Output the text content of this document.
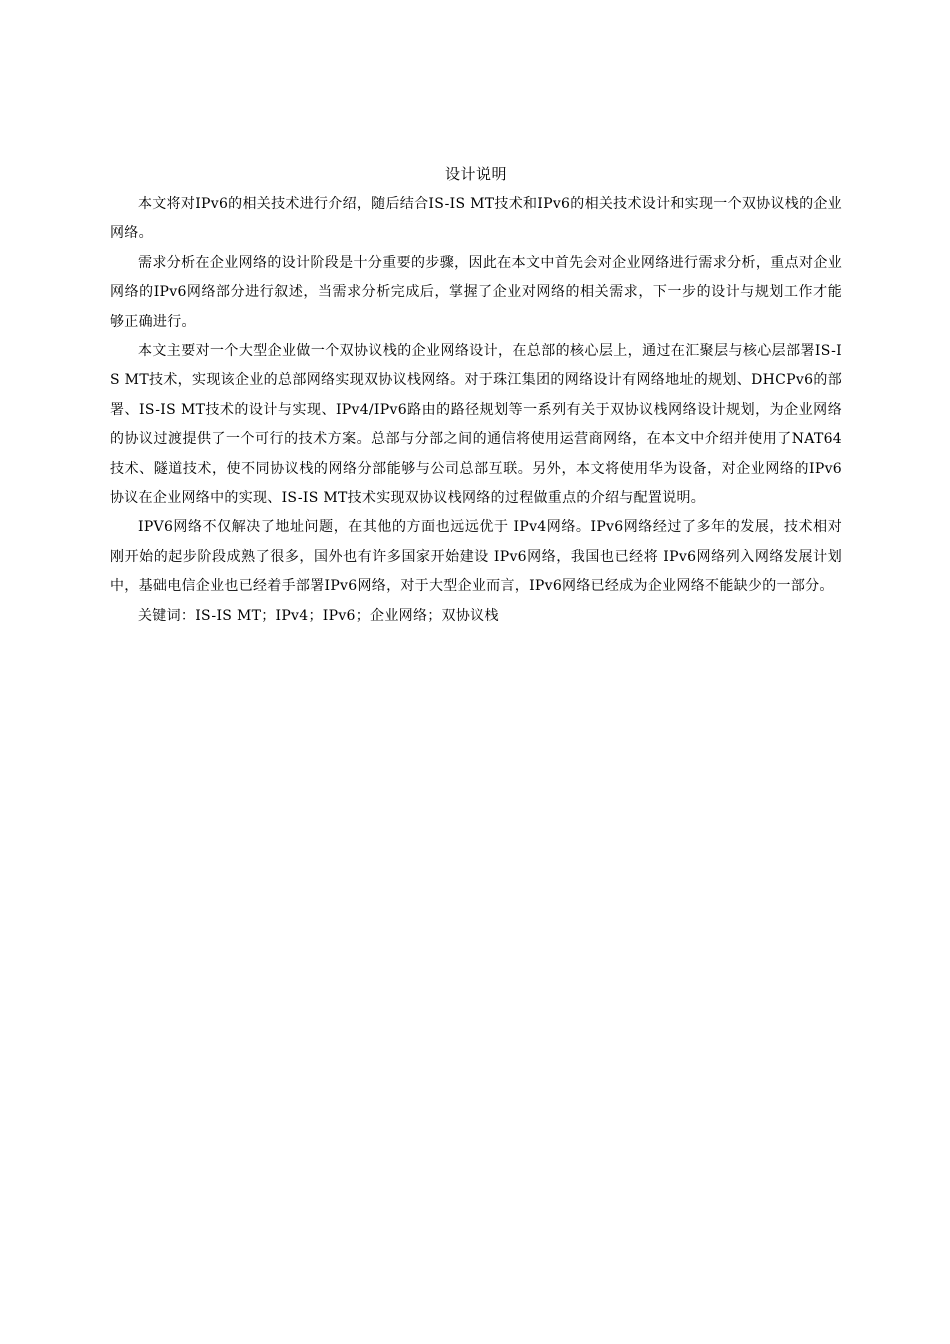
设计说明

本文将对IPv6的相关技术进行介绍，随后结合IS-IS MT技术和IPv6的相关技术设计和实现一个双协议栈的企业网络。

需求分析在企业网络的设计阶段是十分重要的步骤，因此在本文中首先会对企业网络进行需求分析，重点对企业网络的IPv6网络部分进行叙述，当需求分析完成后，掌握了企业对网络的相关需求，下一步的设计与规划工作才能够正确进行。

本文主要对一个大型企业做一个双协议栈的企业网络设计，在总部的核心层上，通过在汇聚层与核心层部署IS-IS MT技术，实现该企业的总部网络实现双协议栈网络。对于珠江集团的网络设计有网络地址的规划、DHCPv6的部署、IS-IS MT技术的设计与实现、IPv4/IPv6路由的路径规划等一系列有关于双协议栈网络设计规划，为企业网络的协议过渡提供了一个可行的技术方案。总部与分部之间的通信将使用运营商网络，在本文中介绍并使用了NAT64技术、隧道技术，使不同协议栈的网络分部能够与公司总部互联。另外，本文将使用华为设备，对企业网络的IPv6协议在企业网络中的实现、IS-IS MT技术实现双协议栈网络的过程做重点的介绍与配置说明。

IPV6网络不仅解决了地址问题，在其他的方面也远远优于 IPv4网络。IPv6网络经过了多年的发展，技术相对刚开始的起步阶段成熟了很多，国外也有许多国家开始建设 IPv6网络，我国也已经将 IPv6网络列入网络发展计划中，基础电信企业也已经着手部署IPv6网络，对于大型企业而言，IPv6网络已经成为企业网络不能缺少的一部分。

关键词：IS-IS MT；IPv4；IPv6；企业网络；双协议栈
